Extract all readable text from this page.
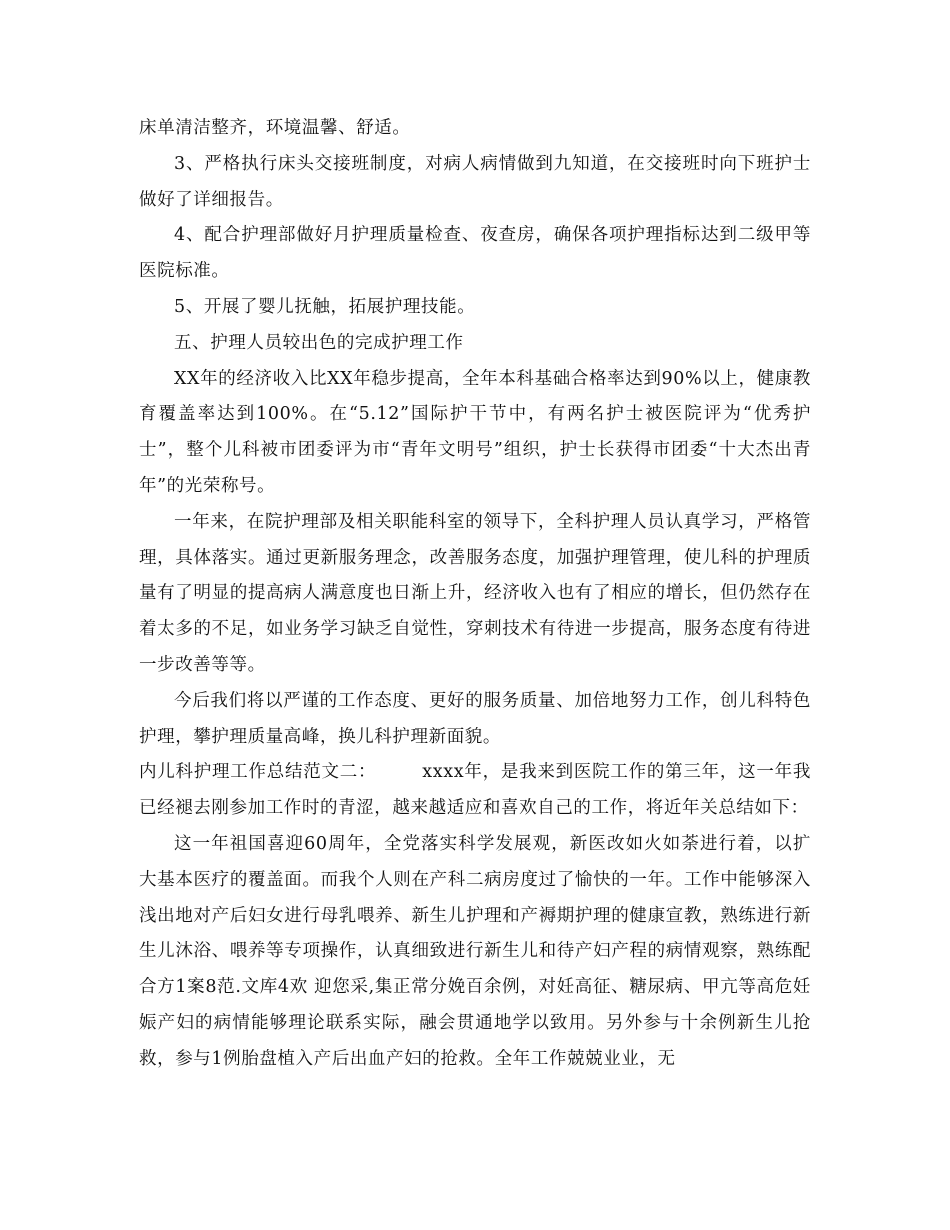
床单清洁整齐，环境温馨、舒适。

3、严格执行床头交接班制度，对病人病情做到九知道，在交接班时向下班护士做好了详细报告。

4、配合护理部做好月护理质量检查、夜查房，确保各项护理指标达到二级甲等医院标准。

5、开展了婴儿抚触，拓展护理技能。

五、护理人员较出色的完成护理工作

XX年的经济收入比XX年稳步提高，全年本科基础合格率达到90%以上，健康教育覆盖率达到100%。在“5.12”国际护干节中，有两名护士被医院评为“优秀护士”，整个儿科被市团委评为市“青年文明号”组织，护士长获得市团委“十大杰出青年”的光荣称号。

一年来，在院护理部及相关职能科室的领导下，全科护理人员认真学习，严格管理，具体落实。通过更新服务理念，改善服务态度，加强护理管理，使儿科的护理质量有了明显的提高病人满意度也日渐上升，经济收入也有了相应的增长，但仍然存在着太多的不足，如业务学习缺乏自觉性，穿刺技术有待进一步提高，服务态度有待进一步改善等等。

今后我们将以严谨的工作态度、更好的服务质量、加倍地努力工作，创儿科特色护理，攀护理质量高峰，换儿科护理新面貌。

内儿科护理工作总结范文二：　　　xxxx年，是我来到医院工作的第三年，这一年我已经褪去刚参加工作时的青涩，越来越适应和喜欢自己的工作，将近年关总结如下：

这一年祖国喜迎60周年，全党落实科学发展观，新医改如火如荼进行着，以扩大基本医疗的覆盖面。而我个人则在产科二病房度过了愉快的一年。工作中能够深入浅出地对产后妇女进行母乳喂养、新生儿护理和产褥期护理的健康宣教，熟练进行新生儿沐浴、喂养等专项操作，认真细致进行新生儿和待产妇产程的病情观察，熟练配合方1案8范.文库4欢 迎您采,集正常分娩百余例，对妊高征、糖尿病、甲亢等高危妊娠产妇的病情能够理论联系实际，融会贯通地学以致用。另外参与十余例新生儿抢救，参与1例胎盘植入产后出血产妇的抢救。全年工作兢兢业业，无
